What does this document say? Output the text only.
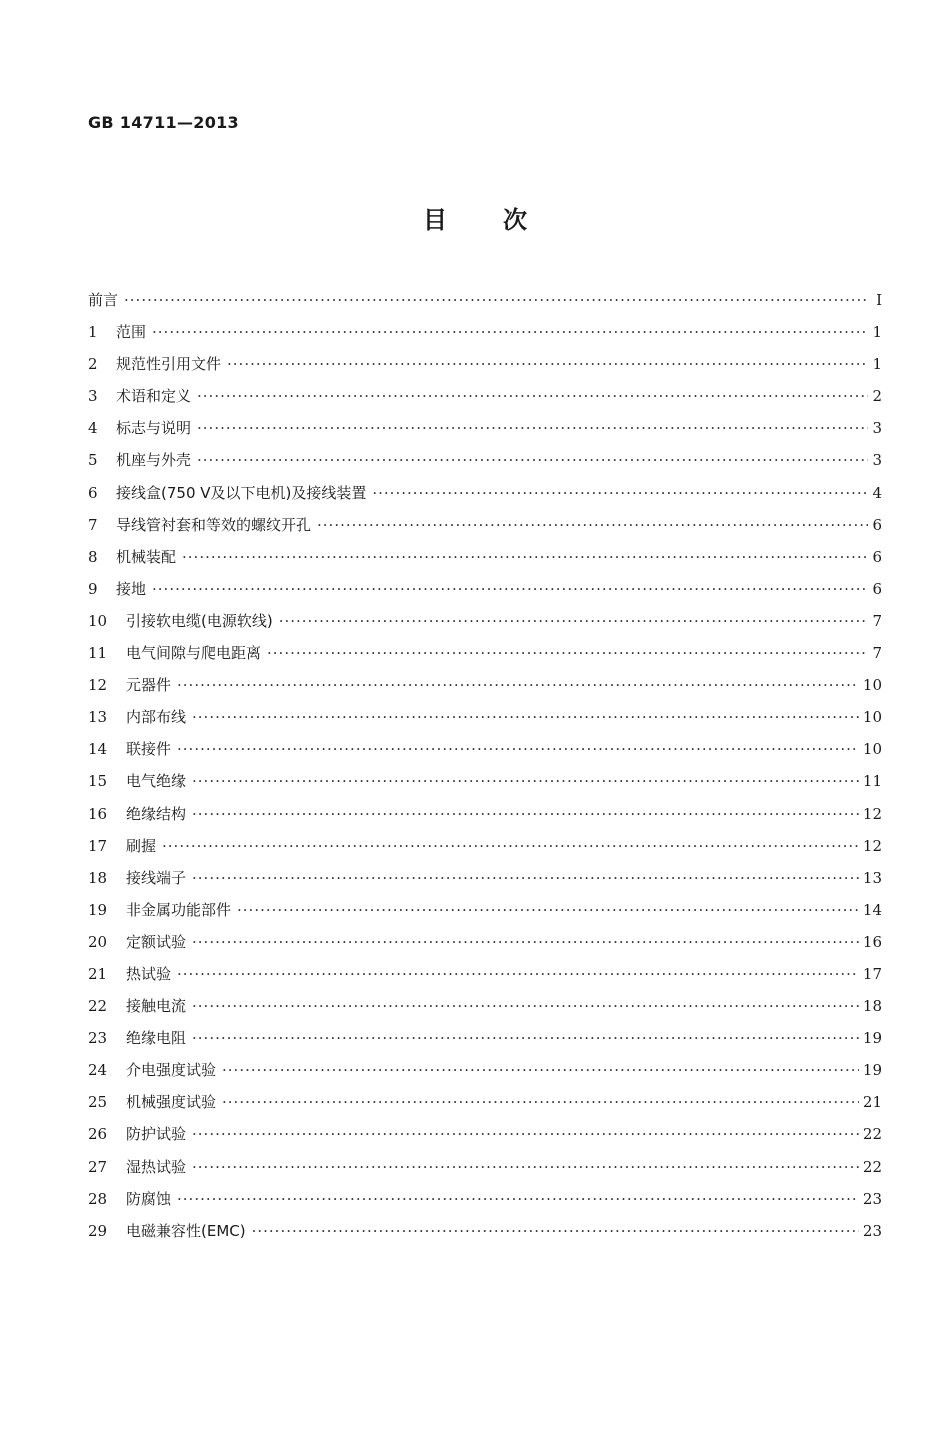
GB 14711—2013
目 次
前言 ·····	Ⅰ
1	范围 ·····	1
2	规范性引用文件 ·····	1
3	术语和定义 ·····	2
4	标志与说明 ·····	3
5	机座与外壳 ·····	3
6	接线盒(750 V及以下电机)及接线装置 ·····	4
7	导线管衬套和等效的螺纹开孔 ·····	6
8	机械装配 ·····	6
9	接地 ·····	6
10	引接软电缆(电源软线) ·····	7
11	电气间隙与爬电距离 ·····	7
12	元器件 ·····	10
13	内部布线 ·····	10
14	联接件 ·····	10
15	电气绝缘 ·····	11
16	绝缘结构 ·····	12
17	刷握 ·····	12
18	接线端子 ·····	13
19	非金属功能部件 ·····	14
20	定额试验 ·····	16
21	热试验 ·····	17
22	接触电流 ·····	18
23	绝缘电阻 ·····	19
24	介电强度试验 ·····	19
25	机械强度试验 ·····	21
26	防护试验 ·····	22
27	湿热试验 ·····	22
28	防腐蚀 ·····	23
29	电磁兼容性(EMC) ·····	23
